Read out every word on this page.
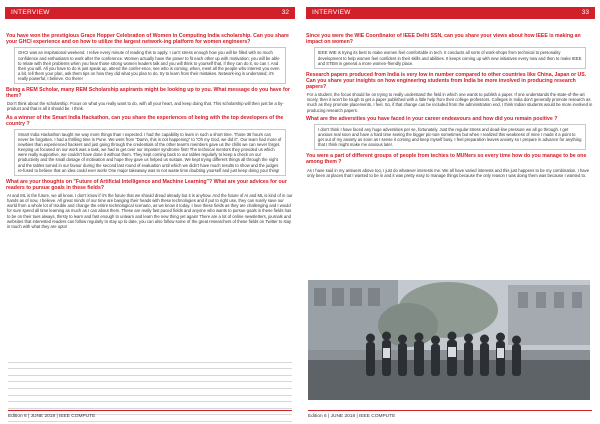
INTERVIEW	32
You have won the prestigious Grace Hopper Celebration of Women in Computing India scholarship. Can you share your GHCI experience and on how to utilize the largest network-ing platform for women engineers?
GHCI was an inspirational weekend. I relive every minute of reading this to apply. I can't stress enough how you will be filled with so much confidence and enthusiasm to work after the conference. Women actually have the power to fit each other up with motivation; you will be able to relate with their problems when you hear those strong women leaders talk and you will think to yourself that, if they can do it, so can I. And then you will. All you have to do is just speak up, attend the confer-ence, see who is coming, when, meet all the people who interest you even a bit, tell them your plan, ask them tips on how they did what you plan to do, try to learn from their mistakes. Network-ing is underrated; it's really powerful, I believe. Go there!
Being a REM Scholar, many REM Scholarship aspirants might be looking up to you. What message do you have for them?
Don't think about the scholarship. Focus on what you really want to do, with all your heart, and keep doing that. This scholarship will then just be a by-product and that is all it should be, I think.
As a winner of the Smart India Hackathon, can you share the experiences of being with the top developers of the country ?
Smart India Hackathon taught me way more things than I expected. I had the capability to learn in such a short time. Those 36 hours can never be forgotten. I had a thrilling time in Pune. We went from "Damn, this is not happening" to "Oh my God, we did it". Our team had more of newbies than experienced hackers and just going through the credentials of the other team's members gave us the chills we can never forget. Keeping us focused on our work was a task, we had to get over our imposter syndrome first! The technical mentors they provided us which were really supportive, we couldn't have done it without them. They kept coming back to our tables regularly to keep a check on our productivity and the small dosage of motivation and hope they gave us helped us sustain. We kept trying different things all through the night and the tables turned in our favour during the second last round of evaluation until which we didn't have much results to show and the judges re-fused to believe that an idea could ever work! One major takeaway was to not waste time doubting yourself and just keep doing your thing!
What are your thoughts on "Future of Artificial Intelligence and Machine Learning"? What are your advices for our readers to pursue goals in these fields?
AI and ML is the future, we all know. I don't know if it's the future that we should dread already but it is anyhow. And the future of AI and ML is kind of in our hands as of now, I believe. All great minds of our time are banging their heads with these technologies and if put to right use, they can surely save our world from a whole lot of trouble and change the entire technological scenario, as we know it today. I love these fields as they are challenging and I would for sure spend all time learning as much as I can about them. These are really fast paced fields and anyone who wants to pursue goals in these fields has to be on their toes always, thirsty to learn and fast enough to unlearn and learn the new thing yet again! There are a lot of online newsletters, journals and websites that interested readers can follow regularly to stay up to date, you can also follow some of the great researchers of these fields on Twitter to stay in touch with what they are upto!
Edition 6 | JUNE 2018 | IEEE COMPUTE
INTERVIEW	33
Since you were the WIE Coordinator of IEEE Delhi SSN, can you share your views about how IEEE is making an impact on women?
IEEE WIE is trying its best to make women feel comfortable in tech. It conducts all sorts of work-shops from technical to personality development to help women feel confident in their skills and abilities. It keeps coming up with new initiatives every now and then to make IEEE and STEM in general a more women-friendly place.
Research papers produced from India is very low in number compared to other countries like China, Japan or US. Can you share your insights on how engineering students from India be more involved in producing research papers?
For a student, the focus should be on trying to really understand the field in which one wants to publish a paper. If one understands the state-of-the-art nicely, then it won't be tough to get a paper published with a little help from their college professors. Colleges in India don't generally promote research as much as they promote placements, I feel. So, if that change can be included from the administration end, I think Indian students would be more involved in producing research papers.
What are the adversities you have faced in your career endeavours and how did you remain positive ?
I don't think I have faced any huge adversities per se, fortunately. Just the regular stress and dead-line pressure we all go through. I get anxious real soon and have a hard time seeing the bigger pic-ture sometimes but when I realized this weakness of mine I made it a point to get out of my anxiety as soon as I sense it coming and keep myself busy. I feel preparation leaves anxiety so I prepare in advance for anything that I think might make me anxious later.
You were a part of different groups of people from techies to MUNers so every time how do you manage to be one among them ?
As I have said in my answers above too, I just do whatever interests me. We all have varied interests and this just happens to be my combination. I have only been at places that I wanted to be in and it was pretty easy to manage things because the only reason I was doing them was because I wanted to.
Edition 6 | JUNE 2018 | IEEE COMPUTE
